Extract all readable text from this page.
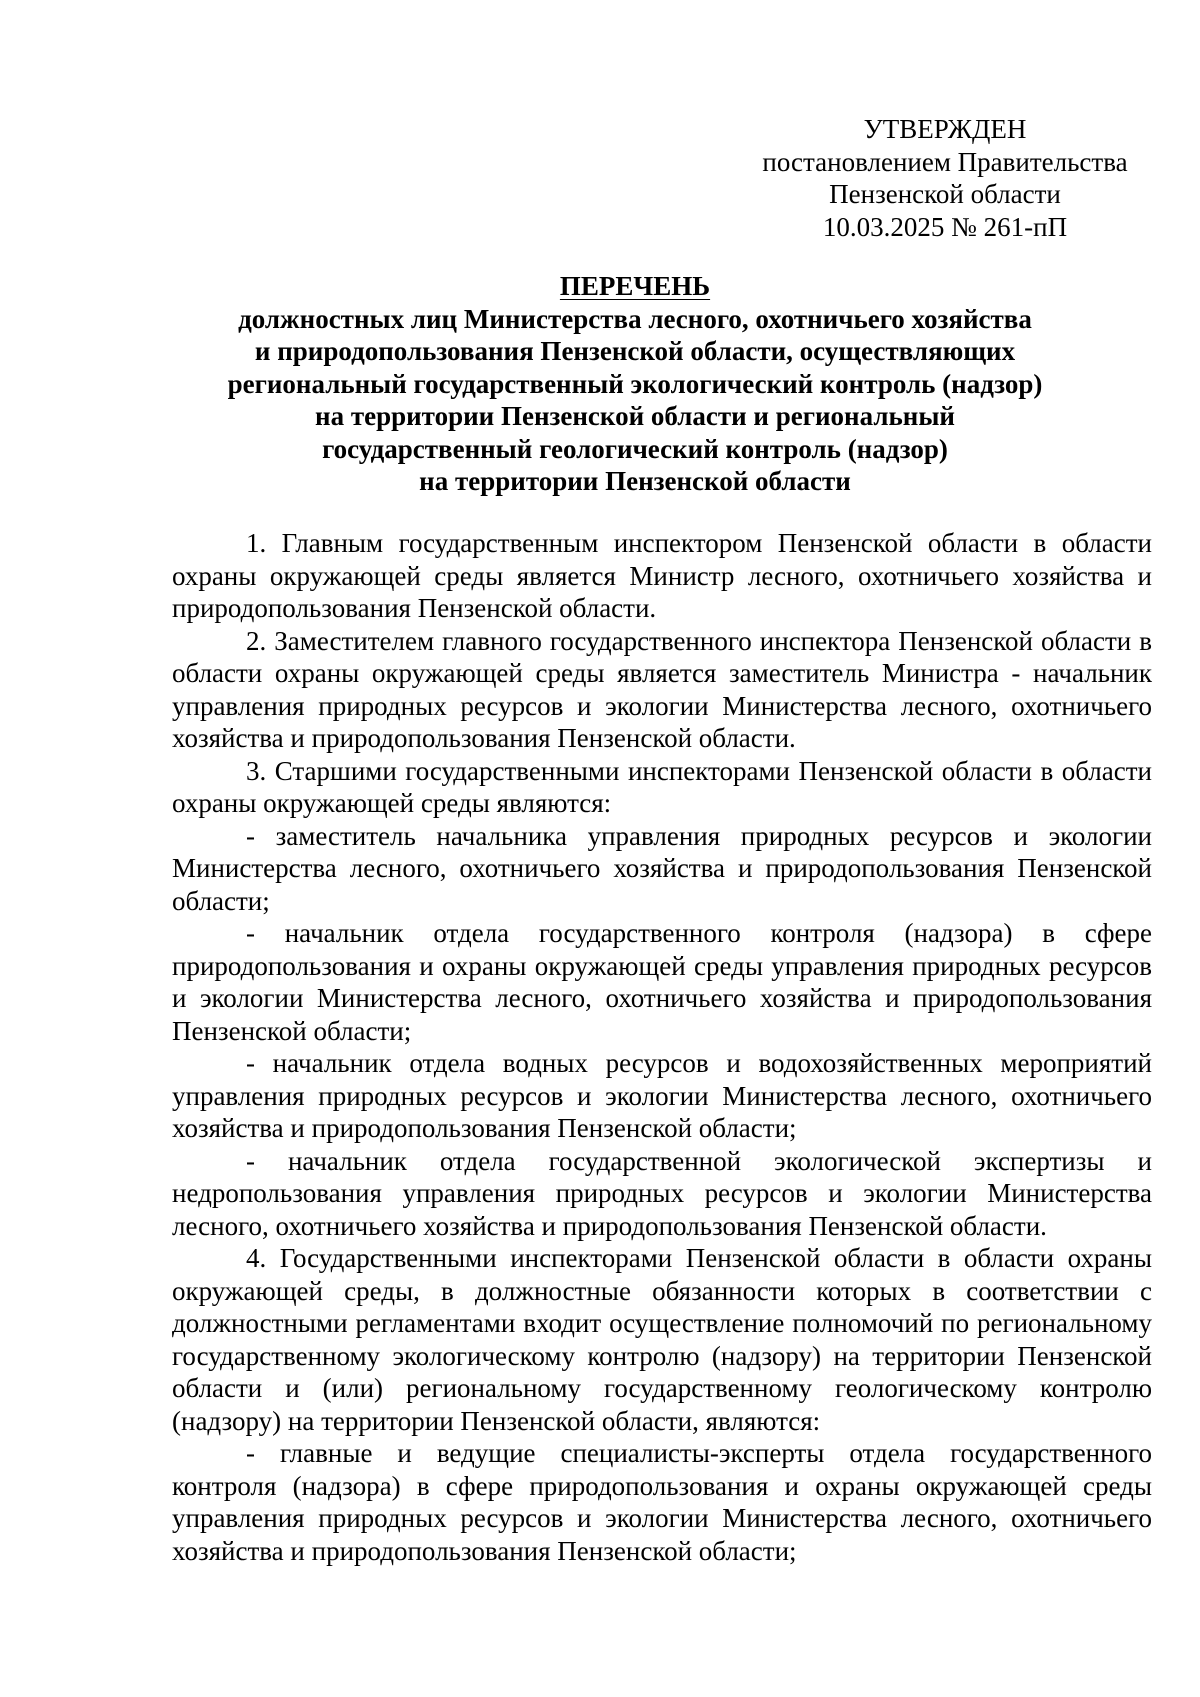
УТВЕРЖДЕН
постановлением Правительства
Пензенской области
10.03.2025 № 261-пП
ПЕРЕЧЕНЬ
должностных лиц Министерства лесного, охотничьего хозяйства
и природопользования Пензенской области, осуществляющих
региональный государственный экологический контроль (надзор)
на территории Пензенской области и региональный
государственный геологический контроль (надзор)
на территории Пензенской области

1. Главным государственным инспектором Пензенской области в области охраны окружающей среды является Министр лесного, охотничьего хозяйства и природопользования Пензенской области.

2. Заместителем главного государственного инспектора Пензенской области в области охраны окружающей среды является заместитель Министра - начальник управления природных ресурсов и экологии Министерства лесного, охотничьего хозяйства и природопользования Пензенской области.

3. Старшими государственными инспекторами Пензенской области в области охраны окружающей среды являются:

- заместитель начальника управления природных ресурсов и экологии Министерства лесного, охотничьего хозяйства и природопользования Пензенской области;

- начальник отдела государственного контроля (надзора) в сфере природопользования и охраны окружающей среды управления природных ресурсов и экологии Министерства лесного, охотничьего хозяйства и природопользования Пензенской области;

- начальник отдела водных ресурсов и водохозяйственных мероприятий управления природных ресурсов и экологии Министерства лесного, охотничьего хозяйства и природопользования Пензенской области;

- начальник отдела государственной экологической экспертизы и недропользования управления природных ресурсов и экологии Министерства лесного, охотничьего хозяйства и природопользования Пензенской области.

4. Государственными инспекторами Пензенской области в области охраны окружающей среды, в должностные обязанности которых в соответствии с должностными регламентами входит осуществление полномочий по региональному государственному экологическому контролю (надзору) на территории Пензенской области и (или) региональному государственному геологическому контролю (надзору) на территории Пензенской области, являются:

- главные и ведущие специалисты-эксперты отдела государственного контроля (надзора) в сфере природопользования и охраны окружающей среды управления природных ресурсов и экологии Министерства лесного, охотничьего хозяйства и природопользования Пензенской области;
